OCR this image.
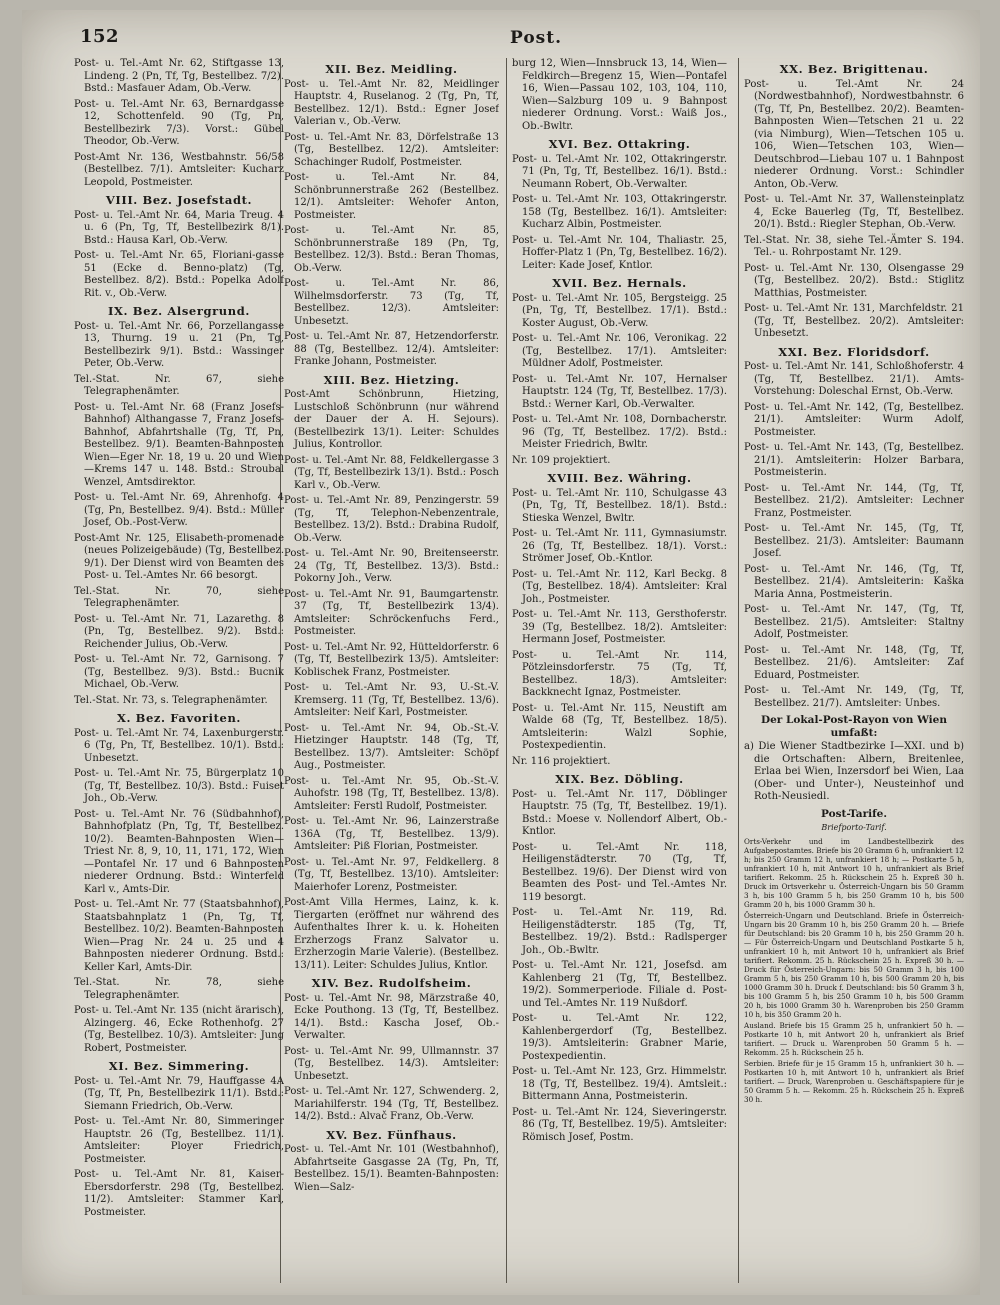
152	Post.
Post- u. Tel.-Amt Nr. 62, Stiftgasse 13, Lindeng. 2 (Pn, Tf, Tg, Bestellbez. 7/2). Bstd.: Masfauer Adam, Ob.-Verw.
Post- u. Tel.-Amt Nr. 63, Bernardgasse 12, Schottenfeld. 90 (Tg, Pn, Bestellbezirk 7/3). Vorst.: Gübel Theodor, Ob.-Verw.
Post-Amt Nr. 136, Westbahnstr. 56/58 (Bestellbez. 7/1). Amtsleiter: Kucharz Leopold, Postmeister.
VIII. Bez. Josefstadt.
Post- u. Tel.-Amt Nr. 64, Maria Treug. 4 u. 6 (Pn, Tg, Tf, Bestellbezirk 8/1). Bstd.: Hausa Karl, Ob.-Verw.
Post- u. Tel.-Amt Nr. 65, Floriani-gasse 51 (Ecke d. Benno-platz) (Tg, Bestellbez. 8/2). Bstd.: Popelka Adolf Rit. v., Ob.-Verw.
IX. Bez. Alsergrund.
Post- u. Tel.-Amt Nr. 66, Porzellangasse 13, Thurng. 19 u. 21 (Pn, Tg, Bestellbezirk 9/1). Bstd.: Wassinger Peter, Ob.-Verw.
Tel.-Stat. Nr. 67, siehe Telegraphenämter.
Post- u. Tel.-Amt Nr. 68 (Franz Josefs-Bahnhof) Althangasse 7, Franz Josefs-Bahnhof, Abfahrtshalle (Tg, Tf, Pn, Bestellbez. 9/1). Beamten-Bahnposten Wien—Eger Nr. 18, 19 u. 20 und Wien—Krems 147 u. 148. Bstd.: Stroubal Wenzel, Amtsdirektor.
Post- u. Tel.-Amt Nr. 69, Ahrenhofg. 4 (Tg, Pn, Bestellbez. 9/4). Bstd.: Müller Josef, Ob.-Post-Verw.
Post-Amt Nr. 125, Elisabeth-promenade (neues Polizeigebäude) (Tg, Bestellbez. 9/1). Der Dienst wird von Beamten des Post- u. Tel.-Amtes Nr. 66 besorgt.
Tel.-Stat. Nr. 70, siehe Telegraphenämter.
Post- u. Tel.-Amt Nr. 71, Lazarethg. 8 (Pn, Tg, Bestellbez. 9/2). Bstd.: Reichender Julius, Ob.-Verw.
Post- u. Tel.-Amt Nr. 72, Garnisong. 7 (Tg, Bestellbez. 9/3). Bstd.: Bucnik Michael, Ob.-Verw.
Tel.-Stat. Nr. 73, s. Telegraphenämter.
X. Bez. Favoriten.
Post- u. Tel.-Amt Nr. 74, Laxenburgerstr. 6 (Tg, Pn, Tf, Bestellbez. 10/1). Bstd.: Unbesetzt.
Post- u. Tel.-Amt Nr. 75, Bürgerplatz 10 (Tg, Tf, Bestellbez. 10/3). Bstd.: Fuiset Joh., Ob.-Verw.
Post- u. Tel.-Amt Nr. 76 (Südbahnhof), Bahnhofplatz (Pn, Tg, Tf, Bestellbez. 10/2). Beamten-Bahnposten Wien—Triest Nr. 8, 9, 10, 11, 171, 172, Wien—Pontafel Nr. 17 und 6 Bahnposten niederer Ordnung. Bstd.: Winterfeld Karl v., Amts-Dir.
Post- u. Tel.-Amt Nr. 77 (Staatsbahnhof), Staatsbahnplatz 1 (Pn, Tg, Tf, Bestellbez. 10/2). Beamten-Bahnposten Wien—Prag Nr. 24 u. 25 und 4 Bahnposten niederer Ordnung. Bstd.: Keller Karl, Amts-Dir.
Tel.-Stat. Nr. 78, siehe Telegraphenämter.
Post- u. Tel.-Amt Nr. 135 (nicht ärarisch), Alzingerg. 46, Ecke Rothenhofg. 27 (Tg, Bestellbez. 10/3). Amtsleiter: Jung Robert, Postmeister.
XI. Bez. Simmering.
Post- u. Tel.-Amt Nr. 79, Hauffgasse 4A (Tg, Tf, Pn, Bestellbezirk 11/1). Bstd.: Siemann Friedrich, Ob.-Verw.
Post- u. Tel.-Amt Nr. 80, Simmeringer Hauptstr. 26 (Tg, Bestellbez. 11/1). Amtsleiter: Ployer Friedrich, Postmeister.
Post- u. Tel.-Amt Nr. 81, Kaiser-Ebersdorferstr. 298 (Tg, Bestellbez. 11/2). Amtsleiter: Stammer Karl, Postmeister.
XII. Bez. Meidling.
Post- u. Tel.-Amt Nr. 82, Meidlinger Hauptstr. 4, Ruselanog. 2 (Tg, Pn, Tf, Bestellbez. 12/1). Bstd.: Egner Josef Valerian v., Ob.-Verw.
Post- u. Tel.-Amt Nr. 83, Dörfelstraße 13 (Tg, Bestellbez. 12/2). Amtsleiter: Schachinger Rudolf, Postmeister.
Post- u. Tel.-Amt Nr. 84, Schönbrunnerstraße 262 (Bestellbez. 12/1). Amtsleiter: Wehofer Anton, Postmeister.
Post- u. Tel.-Amt Nr. 85, Schönbrunnerstraße 189 (Pn, Tg, Bestellbez. 12/3). Bstd.: Beran Thomas, Ob.-Verw.
Post- u. Tel.-Amt Nr. 86, Wilhelmsdorferstr. 73 (Tg, Tf, Bestellbez. 12/3). Amtsleiter: Unbesetzt.
Post- u. Tel.-Amt Nr. 87, Hetzendorferstr. 88 (Tg, Bestellbez. 12/4). Amtsleiter: Franke Johann, Postmeister.
XIII. Bez. Hietzing.
Post-Amt Schönbrunn, Hietzing, Lustschloß Schönbrunn (nur während der Dauer der A. H. Sejours). (Bestellbezirk 13/1). Leiter: Schuldes Julius, Kontrollor.
Post- u. Tel.-Amt Nr. 88, Feldkellergasse 3 (Tg, Tf, Bestellbezirk 13/1). Bstd.: Posch Karl v., Ob.-Verw.
Post- u. Tel.-Amt Nr. 89, Penzingerstr. 59 (Tg, Tf, Telephon-Nebenzentrale, Bestellbez. 13/2). Bstd.: Drabina Rudolf, Ob.-Verw.
Post- u. Tel.-Amt Nr. 90, Breitenseerstr. 24 (Tg, Tf, Bestellbez. 13/3). Bstd.: Pokorny Joh., Verw.
Post- u. Tel.-Amt Nr. 91, Baumgartenstr. 37 (Tg, Tf, Bestellbezirk 13/4). Amtsleiter: Schröckenfuchs Ferd., Postmeister.
Post- u. Tel.-Amt Nr. 92, Hütteldorferstr. 6 (Tg, Tf, Bestellbezirk 13/5). Amtsleiter: Koblischek Franz, Postmeister.
Post- u. Tel.-Amt Nr. 93, U.-St.-V. Kremserg. 11 (Tg, Tf, Bestellbez. 13/6). Amtsleiter: Neif Karl, Postmeister.
Post- u. Tel.-Amt Nr. 94, Ob.-St.-V. Hietzinger Hauptstr. 148 (Tg, Tf, Bestellbez. 13/7). Amtsleiter: Schöpf Aug., Postmeister.
Post- u. Tel.-Amt Nr. 95, Ob.-St.-V. Auhofstr. 198 (Tg, Tf, Bestellbez. 13/8). Amtsleiter: Ferstl Rudolf, Postmeister.
Post- u. Tel.-Amt Nr. 96, Lainzerstraße 136A (Tg, Tf, Bestellbez. 13/9). Amtsleiter: Piß Florian, Postmeister.
Post- u. Tel.-Amt Nr. 97, Feldkellerg. 8 (Tg, Tf, Bestellbez. 13/10). Amtsleiter: Maierhofer Lorenz, Postmeister.
Post-Amt Villa Hermes, Lainz, k. k. Tiergarten (eröffnet nur während des Aufenthaltes Ihrer k. u. k. Hoheiten Erzherzogs Franz Salvator u. Erzherzogin Marie Valerie). (Bestellbez. 13/11). Leiter: Schuldes Julius, Kntlor.
XIV. Bez. Rudolfsheim.
Post- u. Tel.-Amt Nr. 98, Märzstraße 40, Ecke Pouthong. 13 (Tg, Tf, Bestellbez. 14/1). Bstd.: Kascha Josef, Ob.-Verwalter.
Post- u. Tel.-Amt Nr. 99, Ullmannstr. 37 (Tg, Bestellbez. 14/3). Amtsleiter: Unbesetzt.
Post- u. Tel.-Amt Nr. 127, Schwenderg. 2, Mariahilferstr. 194 (Tg, Tf, Bestellbez. 14/2). Bstd.: Alvač Franz, Ob.-Verw.
XV. Bez. Fünfhaus.
Post- u. Tel.-Amt Nr. 101 (Westbahnhof), Abfahrtseite Gasgasse 2A (Tg, Pn, Tf, Bestellbez. 15/1). Beamten-Bahnposten: Wien—Salz-
burg 12, Wien—Innsbruck 13, 14, Wien—Feldkirch—Bregenz 15, Wien—Pontafel 16, Wien—Passau 102, 103, 104, 110, Wien—Salzburg 109 u. 9 Bahnpost niederer Ordnung. Vorst.: Waiß Jos., Ob.-Bwltr.
XVI. Bez. Ottakring.
Post- u. Tel.-Amt Nr. 102, Ottakringerstr. 71 (Pn, Tg, Tf, Bestellbez. 16/1). Bstd.: Neumann Robert, Ob.-Verwalter.
Post- u. Tel.-Amt Nr. 103, Ottakringerstr. 158 (Tg, Bestellbez. 16/1). Amtsleiter: Kucharz Albin, Postmeister.
Post- u. Tel.-Amt Nr. 104, Thaliastr. 25, Hoffer-Platz 1 (Pn, Tg, Bestellbez. 16/2). Leiter: Kade Josef, Kntlor.
XVII. Bez. Hernals.
Post- u. Tel.-Amt Nr. 105, Bergsteigg. 25 (Pn, Tg, Tf, Bestellbez. 17/1). Bstd.: Koster August, Ob.-Verw.
Post- u. Tel.-Amt Nr. 106, Veronikag. 22 (Tg, Bestellbez. 17/1). Amtsleiter: Müldner Adolf, Postmeister.
Post- u. Tel.-Amt Nr. 107, Hernalser Hauptstr. 124 (Tg, Tf, Bestellbez. 17/3). Bstd.: Werner Karl, Ob.-Verwalter.
Post- u. Tel.-Amt Nr. 108, Dornbacherstr. 96 (Tg, Tf, Bestellbez. 17/2). Bstd.: Meister Friedrich, Bwltr.
Nr. 109 projektiert.
XVIII. Bez. Währing.
Post- u. Tel.-Amt Nr. 110, Schulgasse 43 (Pn, Tg, Tf, Bestellbez. 18/1). Bstd.: Stieska Wenzel, Bwltr.
Post- u. Tel.-Amt Nr. 111, Gymnasiumstr. 26 (Tg, Tf, Bestellbez. 18/1). Vorst.: Strömer Josef, Ob.-Kntlor.
Post- u. Tel.-Amt Nr. 112, Karl Beckg. 8 (Tg, Bestellbez. 18/4). Amtsleiter: Kral Joh., Postmeister.
Post- u. Tel.-Amt Nr. 113, Gersthoferstr. 39 (Tg, Bestellbez. 18/2). Amtsleiter: Hermann Josef, Postmeister.
Post- u. Tel.-Amt Nr. 114, Pötzleinsdorferstr. 75 (Tg, Tf, Bestellbez. 18/3). Amtsleiter: Backknecht Ignaz, Postmeister.
Post- u. Tel.-Amt Nr. 115, Neustift am Walde 68 (Tg, Tf, Bestellbez. 18/5). Amtsleiterin: Walzl Sophie, Postexpedientin.
Nr. 116 projektiert.
XIX. Bez. Döbling.
Post- u. Tel.-Amt Nr. 117, Döblinger Hauptstr. 75 (Tg, Tf, Bestellbez. 19/1). Bstd.: Moese v. Nollendorf Albert, Ob.-Kntlor.
Post- u. Tel.-Amt Nr. 118, Heiligenstädterstr. 70 (Tg, Tf, Bestellbez. 19/6). Der Dienst wird von Beamten des Post- und Tel.-Amtes Nr. 119 besorgt.
Post- u. Tel.-Amt Nr. 119, Rd. Heiligenstädterstr. 185 (Tg, Tf, Bestellbez. 19/2). Bstd.: Radlsperger Joh., Ob.-Bwltr.
Post- u. Tel.-Amt Nr. 121, Josefsd. am Kahlenberg 21 (Tg, Tf, Bestellbez. 19/2). Sommerperiode. Filiale d. Post- und Tel.-Amtes Nr. 119 Nußdorf.
Post- u. Tel.-Amt Nr. 122, Kahlenbergerdorf (Tg, Bestellbez. 19/3). Amtsleiterin: Grabner Marie, Postexpedientin.
Post- u. Tel.-Amt Nr. 123, Grz. Himmelstr. 18 (Tg, Tf, Bestellbez. 19/4). Amtsleit.: Bittermann Anna, Postmeisterin.
Post- u. Tel.-Amt Nr. 124, Sieveringerstr. 86 (Tg, Tf, Bestellbez. 19/5). Amtsleiter: Römisch Josef, Postm.
XX. Bez. Brigittenau.
Post- u. Tel.-Amt Nr. 24 (Nordwestbahnhof), Nordwestbahnstr. 6 (Tg, Tf, Pn, Bestellbez. 20/2). Beamten-Bahnposten Wien—Tetschen 21 u. 22 (via Nimburg), Wien—Tetschen 105 u. 106, Wien—Tetschen 103, Wien—Deutschbrod—Liebau 107 u. 1 Bahnpost niederer Ordnung. Vorst.: Schindler Anton, Ob.-Verw.
Post- u. Tel.-Amt Nr. 37, Wallensteinplatz 4, Ecke Bauerleg (Tg, Tf, Bestellbez. 20/1). Bstd.: Riegler Stephan, Ob.-Verw.
Tel.-Stat. Nr. 38, siehe Tel.-Ämter S. 194. Tel.- u. Rohrpostamt Nr. 129.
Post- u. Tel.-Amt Nr. 130, Olsengasse 29 (Tg, Bestellbez. 20/2). Bstd.: Stiglitz Matthias, Postmeister.
Post- u. Tel.-Amt Nr. 131, Marchfeldstr. 21 (Tg, Tf, Bestellbez. 20/2). Amtsleiter: Unbesetzt.
XXI. Bez. Floridsdorf.
Post- u. Tel.-Amt Nr. 141, Schloßhoferstr. 4 (Tg, Tf, Bestellbez. 21/1). Amts-Vorstehung: Doleschal Ernst, Ob.-Verw.
Post- u. Tel.-Amt Nr. 142, (Tg, Bestellbez. 21/1). Amtsleiter: Wurm Adolf, Postmeister.
Post- u. Tel.-Amt Nr. 143, (Tg, Bestellbez. 21/1). Amtsleiterin: Holzer Barbara, Postmeisterin.
Post- u. Tel.-Amt Nr. 144, (Tg, Tf, Bestellbez. 21/2). Amtsleiter: Lechner Franz, Postmeister.
Post- u. Tel.-Amt Nr. 145, (Tg, Tf, Bestellbez. 21/3). Amtsleiter: Baumann Josef.
Post- u. Tel.-Amt Nr. 146, (Tg, Tf, Bestellbez. 21/4). Amtsleiterin: Kaška Maria Anna, Postmeisterin.
Post- u. Tel.-Amt Nr. 147, (Tg, Tf, Bestellbez. 21/5). Amtsleiter: Staltny Adolf, Postmeister.
Post- u. Tel.-Amt Nr. 148, (Tg, Tf, Bestellbez. 21/6). Amtsleiter: Zaf Eduard, Postmeister.
Post- u. Tel.-Amt Nr. 149, (Tg, Tf, Bestellbez. 21/7). Amtsleiter: Unbes.
Der Lokal-Post-Rayon von Wien umfaßt:
a) Die Wiener Stadtbezirke I—XXI. und b) die Ortschaften: Albern, Breitenlee, Erlaa bei Wien, Inzersdorf bei Wien, Laa (Ober- und Unter-), Neusteinhof und Roth-Neusiedl.
Post-Tarife.
Briefporto-Tarif.
Orts-Verkehr und im Landbestellbezirk des Aufgabepostamtes. Briefe bis 20 Gramm 6 h, unfrankiert 12 h; bis 250 Gramm 12 h, unfrankiert 18 h; — Postkarte 5 h, unfrankiert 10 h, mit Antwort 10 h, unfrankiert als Brief tarifiert. Rekomm. 25 h. Rückschein 25 h. Expreß 30 h. Druck im Ortsverkehr u. Österreich-Ungarn bis 50 Gramm 3 h, bis 100 Gramm 5 h, bis 250 Gramm 10 h, bis 500 Gramm 20 h, bis 1000 Gramm 30 h.
Österreich-Ungarn und Deutschland. Briefe in Österreich-Ungarn bis 20 Gramm 10 h, bis 250 Gramm 20 h. — Briefe für Deutschland: bis 20 Gramm 10 h, bis 250 Gramm 20 h. — Für Österreich-Ungarn und Deutschland Postkarte 5 h, unfrankiert 10 h, mit Antwort 10 h, unfrankiert als Brief tarifiert. Rekomm. 25 h. Rückschein 25 h. Expreß 30 h. — Druck für Österreich-Ungarn: bis 50 Gramm 3 h, bis 100 Gramm 5 h, bis 250 Gramm 10 h, bis 500 Gramm 20 h, bis 1000 Gramm 30 h. Druck f. Deutschland: bis 50 Gramm 3 h, bis 100 Gramm 5 h, bis 250 Gramm 10 h, bis 500 Gramm 20 h, bis 1000 Gramm 30 h. Warenproben bis 250 Gramm 10 h, bis 350 Gramm 20 h.
Ausland. Briefe bis 15 Gramm 25 h, unfrankiert 50 h. — Postkarte 10 h, mit Antwort 20 h, unfrankiert als Brief tarifiert. — Druck u. Warenproben 50 Gramm 5 h. — Rekomm. 25 h. Rückschein 25 h.
Serbien. Briefe für je 15 Gramm 15 h, unfrankiert 30 h. — Postkarten 10 h, mit Antwort 10 h, unfrankiert als Brief tarifiert. — Druck, Warenproben u. Geschäftspapiere für je 50 Gramm 5 h. — Rekomm. 25 h. Rückschein 25 h. Expreß 30 h.
